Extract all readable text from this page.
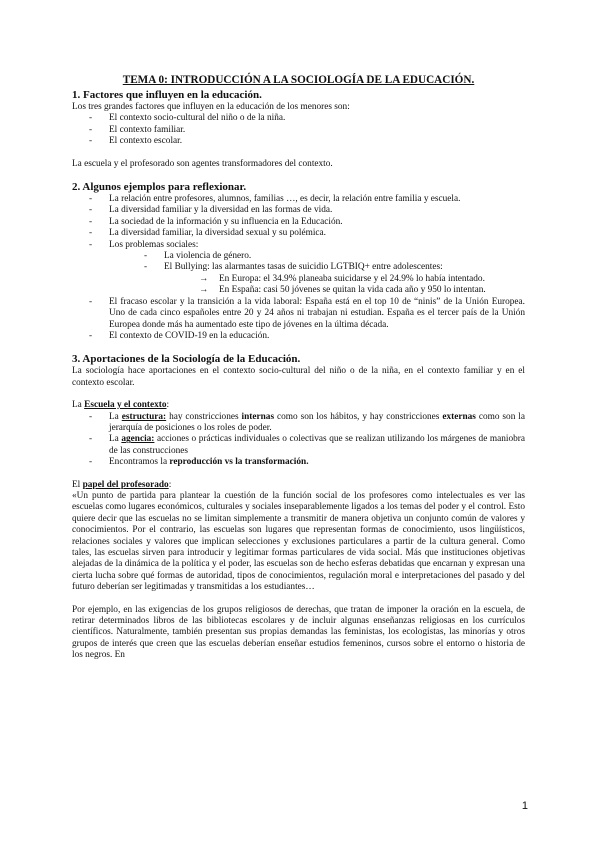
TEMA 0: INTRODUCCIÓN A LA SOCIOLOGÍA DE LA EDUCACIÓN.

1. Factores que influyen en la educación.

Los tres grandes factores que influyen en la educación de los menores son:

- El contexto socio-cultural del niño o de la niña.
- El contexto familiar.
- El contexto escolar.

La escuela y el profesorado son agentes transformadores del contexto.

2. Algunos ejemplos para reflexionar.

- La relación entre profesores, alumnos, familias …, es decir, la relación entre familia y escuela.
- La diversidad familiar y la diversidad en las formas de vida.
- La sociedad de la información y su influencia en la Educación.
- La diversidad familiar, la diversidad sexual y su polémica.
- Los problemas sociales:
- La violencia de género.
- El Bullying: las alarmantes tasas de suicidio LGTBIQ+ entre adolescentes:
→ En Europa: el 34.9% planeaba suicidarse y el 24.9% lo había intentado.
→ En España: casi 50 jóvenes se quitan la vida cada año y 950 lo intentan.
- El fracaso escolar y la transición a la vida laboral: España está en el top 10 de “ninis” de la Unión Europea. Uno de cada cinco españoles entre 20 y 24 años ni trabajan ni estudian. España es el tercer país de la Unión Europea donde más ha aumentado este tipo de jóvenes en la última década.
- El contexto de COVID-19 en la educación.

3. Aportaciones de la Sociología de la Educación.

La sociología hace aportaciones en el contexto socio-cultural del niño o de la niña, en el contexto familiar y en el contexto escolar.

La Escuela y el contexto:

- La estructura: hay constricciones internas como son los hábitos, y hay constricciones externas como son la jerarquía de posiciones o los roles de poder.
- La agencia: acciones o prácticas individuales o colectivas que se realizan utilizando los márgenes de maniobra de las construcciones
- Encontramos la reproducción vs la transformación.

El papel del profesorado:

«Un punto de partida para plantear la cuestión de la función social de los profesores como intelectuales es ver las escuelas como lugares económicos, culturales y sociales inseparablemente ligados a los temas del poder y el control. Esto quiere decir que las escuelas no se limitan simplemente a transmitir de manera objetiva un conjunto común de valores y conocimientos. Por el contrario, las escuelas son lugares que representan formas de conocimiento, usos lingüísticos, relaciones sociales y valores que implican selecciones y exclusiones particulares a partir de la cultura general. Como tales, las escuelas sirven para introducir y legitimar formas particulares de vida social. Más que instituciones objetivas alejadas de la dinámica de la política y el poder, las escuelas son de hecho esferas debatidas que encarnan y expresan una cierta lucha sobre qué formas de autoridad, tipos de conocimientos, regulación moral e interpretaciones del pasado y del futuro deberían ser legitimadas y transmitidas a los estudiantes…

Por ejemplo, en las exigencias de los grupos religiosos de derechas, que tratan de imponer la oración en la escuela, de retirar determinados libros de las bibliotecas escolares y de incluir algunas enseñanzas religiosas en los currículos científicos. Naturalmente, también presentan sus propias demandas las feministas, los ecologistas, las minorías y otros grupos de interés que creen que las escuelas deberían enseñar estudios femeninos, cursos sobre el entorno o historia de los negros. En

1
